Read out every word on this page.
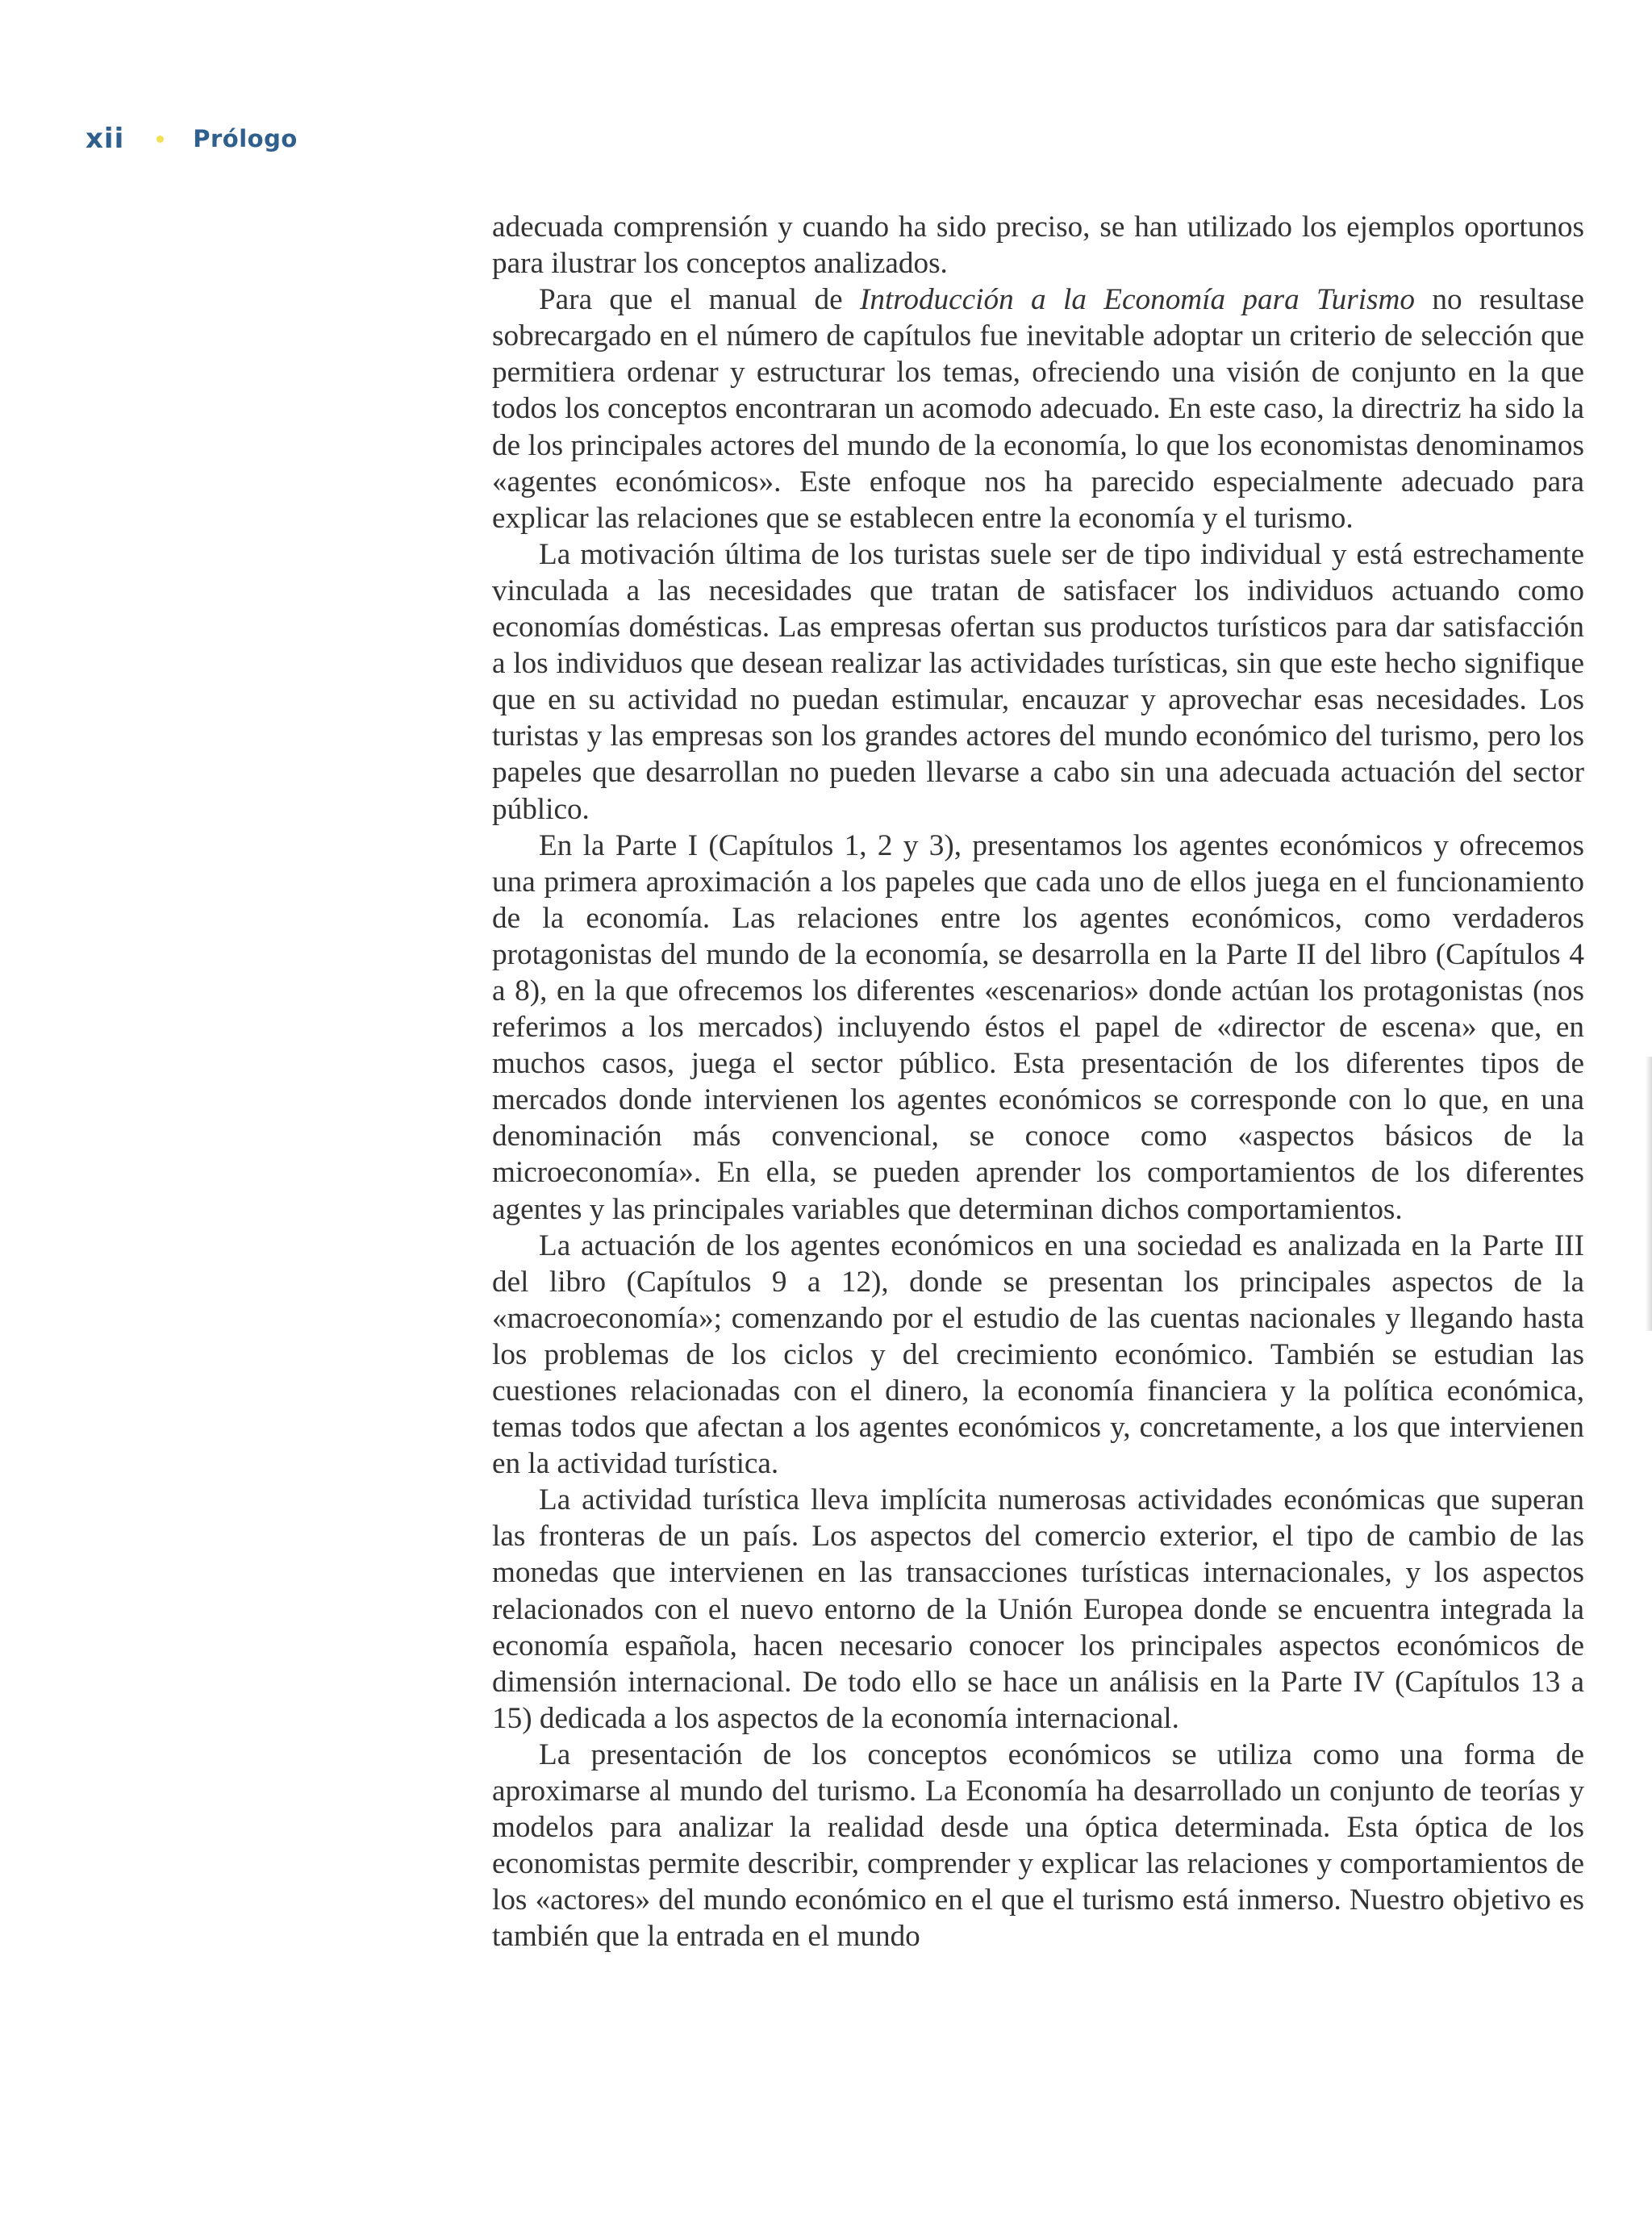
xii	Prólogo

adecuada comprensión y cuando ha sido preciso, se han utilizado los ejemplos oportunos para ilustrar los conceptos analizados.

Para que el manual de Introducción a la Economía para Turismo no resultase sobrecargado en el número de capítulos fue inevitable adoptar un criterio de selección que permitiera ordenar y estructurar los temas, ofreciendo una visión de conjunto en la que todos los conceptos encontraran un acomodo adecuado. En este caso, la directriz ha sido la de los principales actores del mundo de la economía, lo que los economistas denominamos «agentes económicos». Este enfoque nos ha parecido especialmente adecuado para explicar las relaciones que se establecen entre la economía y el turismo.

La motivación última de los turistas suele ser de tipo individual y está estrechamente vinculada a las necesidades que tratan de satisfacer los individuos actuando como economías domésticas. Las empresas ofertan sus productos turísticos para dar satisfacción a los individuos que desean realizar las actividades turísticas, sin que este hecho signifique que en su actividad no puedan estimular, encauzar y aprovechar esas necesidades. Los turistas y las empresas son los grandes actores del mundo económico del turismo, pero los papeles que desarrollan no pueden llevarse a cabo sin una adecuada actuación del sector público.

En la Parte I (Capítulos 1, 2 y 3), presentamos los agentes económicos y ofrecemos una primera aproximación a los papeles que cada uno de ellos juega en el funcionamiento de la economía. Las relaciones entre los agentes económicos, como verdaderos protagonistas del mundo de la economía, se desarrolla en la Parte II del libro (Capítulos 4 a 8), en la que ofrecemos los diferentes «escenarios» donde actúan los protagonistas (nos referimos a los mercados) incluyendo éstos el papel de «director de escena» que, en muchos casos, juega el sector público. Esta presentación de los diferentes tipos de mercados donde intervienen los agentes económicos se corresponde con lo que, en una denominación más convencional, se conoce como «aspectos básicos de la microeconomía». En ella, se pueden aprender los comportamientos de los diferentes agentes y las principales variables que determinan dichos comportamientos.

La actuación de los agentes económicos en una sociedad es analizada en la Parte III del libro (Capítulos 9 a 12), donde se presentan los principales aspectos de la «macroeconomía»; comenzando por el estudio de las cuentas nacionales y llegando hasta los problemas de los ciclos y del crecimiento económico. También se estudian las cuestiones relacionadas con el dinero, la economía financiera y la política económica, temas todos que afectan a los agentes económicos y, concretamente, a los que intervienen en la actividad turística.

La actividad turística lleva implícita numerosas actividades económicas que superan las fronteras de un país. Los aspectos del comercio exterior, el tipo de cambio de las monedas que intervienen en las transacciones turísticas internacionales, y los aspectos relacionados con el nuevo entorno de la Unión Europea donde se encuentra integrada la economía española, hacen necesario conocer los principales aspectos económicos de dimensión internacional. De todo ello se hace un análisis en la Parte IV (Capítulos 13 a 15) dedicada a los aspectos de la economía internacional.

La presentación de los conceptos económicos se utiliza como una forma de aproximarse al mundo del turismo. La Economía ha desarrollado un conjunto de teorías y modelos para analizar la realidad desde una óptica determinada. Esta óptica de los economistas permite describir, comprender y explicar las relaciones y comportamientos de los «actores» del mundo económico en el que el turismo está inmerso. Nuestro objetivo es también que la entrada en el mundo
